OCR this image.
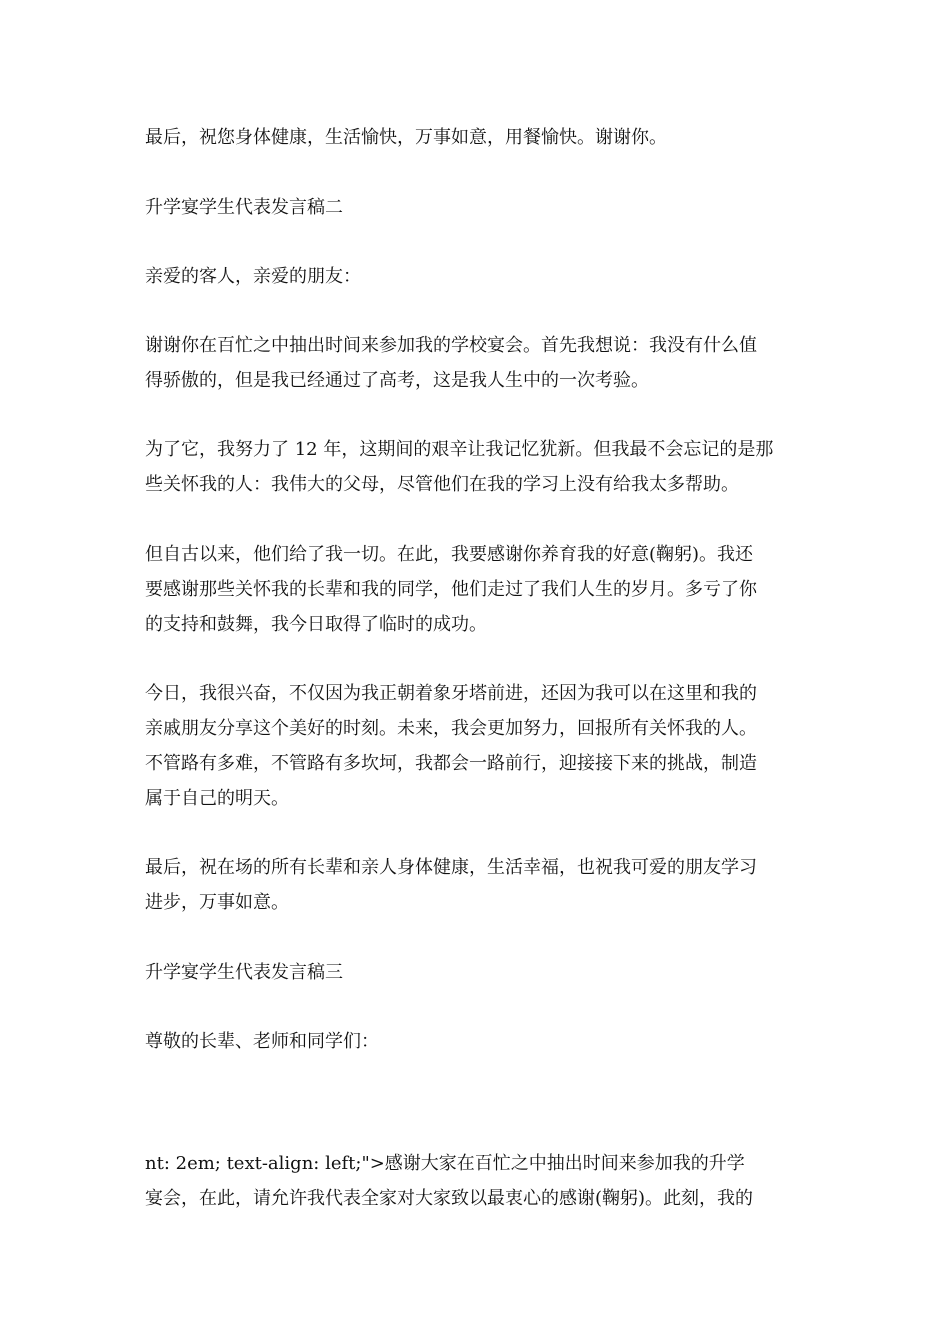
最后，祝您身体健康，生活愉快，万事如意，用餐愉快。谢谢你。

升学宴学生代表发言稿二

亲爱的客人，亲爱的朋友：

谢谢你在百忙之中抽出时间来参加我的学校宴会。首先我想说：我没有什么值

得骄傲的，但是我已经通过了高考，这是我人生中的一次考验。

为了它，我努力了 12 年，这期间的艰辛让我记忆犹新。但我最不会忘记的是那

些关怀我的人：我伟大的父母，尽管他们在我的学习上没有给我太多帮助。

但自古以来，他们给了我一切。在此，我要感谢你养育我的好意(鞠躬)。我还

要感谢那些关怀我的长辈和我的同学，他们走过了我们人生的岁月。多亏了你

的支持和鼓舞，我今日取得了临时的成功。

今日，我很兴奋，不仅因为我正朝着象牙塔前进，还因为我可以在这里和我的

亲戚朋友分享这个美好的时刻。未来，我会更加努力，回报所有关怀我的人。

不管路有多难，不管路有多坎坷，我都会一路前行，迎接接下来的挑战，制造

属于自己的明天。

最后，祝在场的所有长辈和亲人身体健康，生活幸福，也祝我可爱的朋友学习

进步，万事如意。

升学宴学生代表发言稿三

尊敬的长辈、老师和同学们：

nt: 2em; text-align: left;">感谢大家在百忙之中抽出时间来参加我的升学

宴会，在此，请允许我代表全家对大家致以最衷心的感谢(鞠躬)。此刻，我的
